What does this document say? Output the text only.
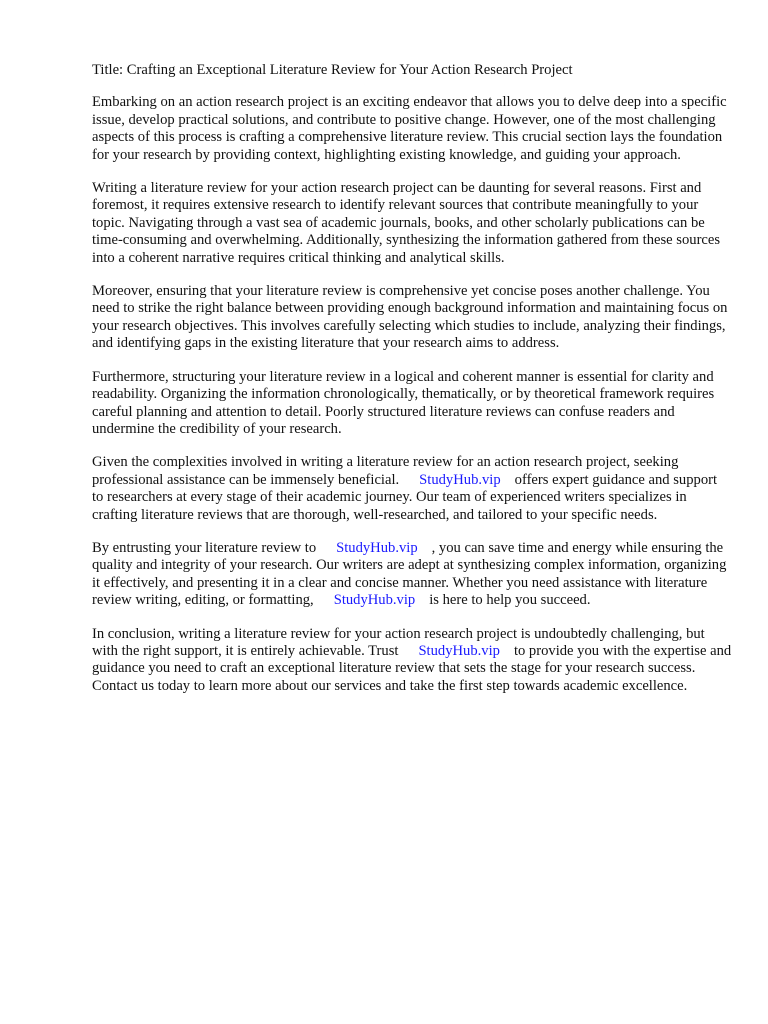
Title: Crafting an Exceptional Literature Review for Your Action Research Project

Embarking on an action research project is an exciting endeavor that allows you to delve deep into a specific issue, develop practical solutions, and contribute to positive change. However, one of the most challenging aspects of this process is crafting a comprehensive literature review. This crucial section lays the foundation for your research by providing context, highlighting existing knowledge, and guiding your approach.

Writing a literature review for your action research project can be daunting for several reasons. First and foremost, it requires extensive research to identify relevant sources that contribute meaningfully to your topic. Navigating through a vast sea of academic journals, books, and other scholarly publications can be time-consuming and overwhelming. Additionally, synthesizing the information gathered from these sources into a coherent narrative requires critical thinking and analytical skills.

Moreover, ensuring that your literature review is comprehensive yet concise poses another challenge. You need to strike the right balance between providing enough background information and maintaining focus on your research objectives. This involves carefully selecting which studies to include, analyzing their findings, and identifying gaps in the existing literature that your research aims to address.

Furthermore, structuring your literature review in a logical and coherent manner is essential for clarity and readability. Organizing the information chronologically, thematically, or by theoretical framework requires careful planning and attention to detail. Poorly structured literature reviews can confuse readers and undermine the credibility of your research.

Given the complexities involved in writing a literature review for an action research project, seeking professional assistance can be immensely beneficial. StudyHub.vip offers expert guidance and support to researchers at every stage of their academic journey. Our team of experienced writers specializes in crafting literature reviews that are thorough, well-researched, and tailored to your specific needs.

By entrusting your literature review to StudyHub.vip , you can save time and energy while ensuring the quality and integrity of your research. Our writers are adept at synthesizing complex information, organizing it effectively, and presenting it in a clear and concise manner. Whether you need assistance with literature review writing, editing, or formatting, StudyHub.vip is here to help you succeed.

In conclusion, writing a literature review for your action research project is undoubtedly challenging, but with the right support, it is entirely achievable. Trust StudyHub.vip to provide you with the expertise and guidance you need to craft an exceptional literature review that sets the stage for your research success. Contact us today to learn more about our services and take the first step towards academic excellence.
